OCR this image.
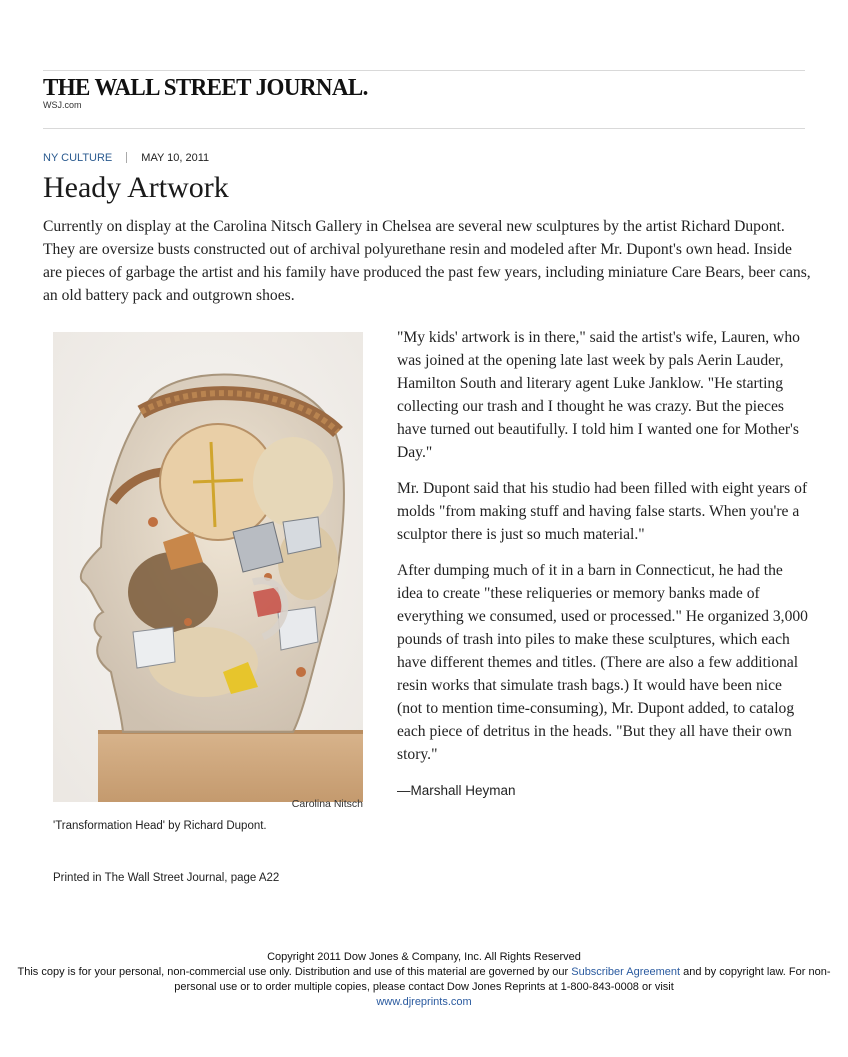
THE WALL STREET JOURNAL.
WSJ.com
NY CULTURE	MAY 10, 2011
Heady Artwork

Currently on display at the Carolina Nitsch Gallery in Chelsea are several new sculptures by the artist Richard Dupont. They are oversize busts constructed out of archival polyurethane resin and modeled after Mr. Dupont's own head. Inside are pieces of garbage the artist and his family have produced the past few years, including miniature Care Bears, beer cans, an old battery pack and outgrown shoes.

Carolina Nitsch
'Transformation Head' by Richard Dupont.
Printed in The Wall Street Journal, page A22

"My kids' artwork is in there," said the artist's wife, Lauren, who was joined at the opening late last week by pals Aerin Lauder, Hamilton South and literary agent Luke Janklow. "He starting collecting our trash and I thought he was crazy. But the pieces have turned out beautifully. I told him I wanted one for Mother's Day."

Mr. Dupont said that his studio had been filled with eight years of molds "from making stuff and having false starts. When you're a sculptor there is just so much material."

After dumping much of it in a barn in Connecticut, he had the idea to create "these reliqueries or memory banks made of everything we consumed, used or processed." He organized 3,000 pounds of trash into piles to make these sculptures, which each have different themes and titles. (There are also a few additional resin works that simulate trash bags.) It would have been nice (not to mention time-consuming), Mr. Dupont added, to catalog each piece of detritus in the heads. "But they all have their own story."

—Marshall Heyman
Copyright 2011 Dow Jones & Company, Inc. All Rights Reserved
This copy is for your personal, non-commercial use only. Distribution and use of this material are governed by our Subscriber Agreement and by copyright law. For non-personal use or to order multiple copies, please contact Dow Jones Reprints at 1-800-843-0008 or visit
www.djreprints.com
